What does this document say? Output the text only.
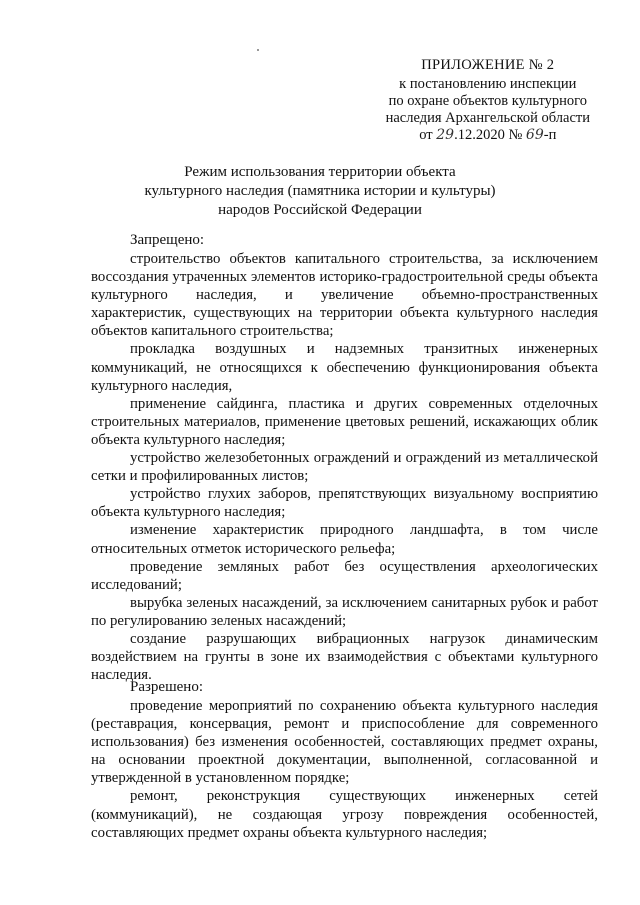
ПРИЛОЖЕНИЕ № 2
к постановлению инспекции
по охране объектов культурного
наследия Архангельской области
от 29.12.2020 № 69-п
Режим использования территории объекта
культурного наследия (памятника истории и культуры)
народов Российской Федерации
Запрещено:
строительство объектов капитального строительства, за исключением воссоздания утраченных элементов историко-градостроительной среды объекта культурного наследия, и увеличение объемно-пространственных характеристик, существующих на территории объекта культурного наследия объектов капитального строительства;
прокладка воздушных и надземных транзитных инженерных коммуникаций, не относящихся к обеспечению функционирования объекта культурного наследия,
применение сайдинга, пластика и других современных отделочных строительных материалов, применение цветовых решений, искажающих облик объекта культурного наследия;
устройство железобетонных ограждений и ограждений из металлической сетки и профилированных листов;
устройство глухих заборов, препятствующих визуальному восприятию объекта культурного наследия;
изменение характеристик природного ландшафта, в том числе относительных отметок исторического рельефа;
проведение земляных работ без осуществления археологических исследований;
вырубка зеленых насаждений, за исключением санитарных рубок и работ по регулированию зеленых насаждений;
создание разрушающих вибрационных нагрузок динамическим воздействием на грунты в зоне их взаимодействия с объектами культурного наследия.
Разрешено:
проведение мероприятий по сохранению объекта культурного наследия (реставрация, консервация, ремонт и приспособление для современного использования) без изменения особенностей, составляющих предмет охраны, на основании проектной документации, выполненной, согласованной и утвержденной в установленном порядке;
ремонт, реконструкция существующих инженерных сетей (коммуникаций), не создающая угрозу повреждения особенностей, составляющих предмет охраны объекта культурного наследия;
